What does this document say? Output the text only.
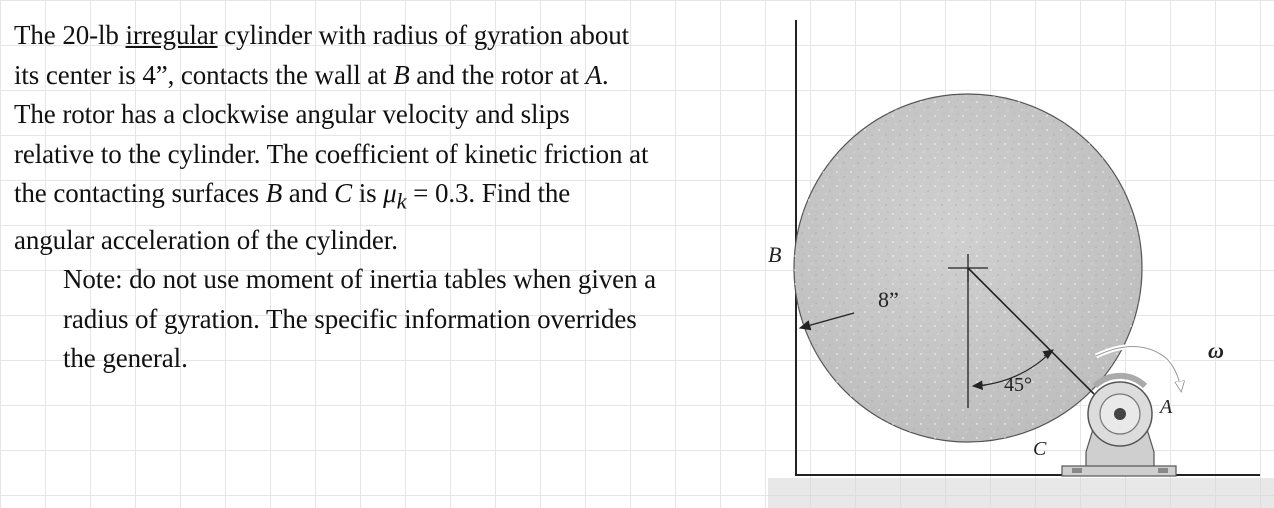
The 20-lb irregular cylinder with radius of gyration about

its center is 4”, contacts the wall at B and the rotor at A.

The rotor has a clockwise angular velocity and slips

relative to the cylinder. The coefficient of kinetic friction at

the contacting surfaces B and C is $\mu_k = 0.3$. Find the

angular acceleration of the cylinder.

Note: do not use moment of inertia tables when given a

radius of gyration. The specific information overrides

the general.

B
8”
45°
C
A
ω
